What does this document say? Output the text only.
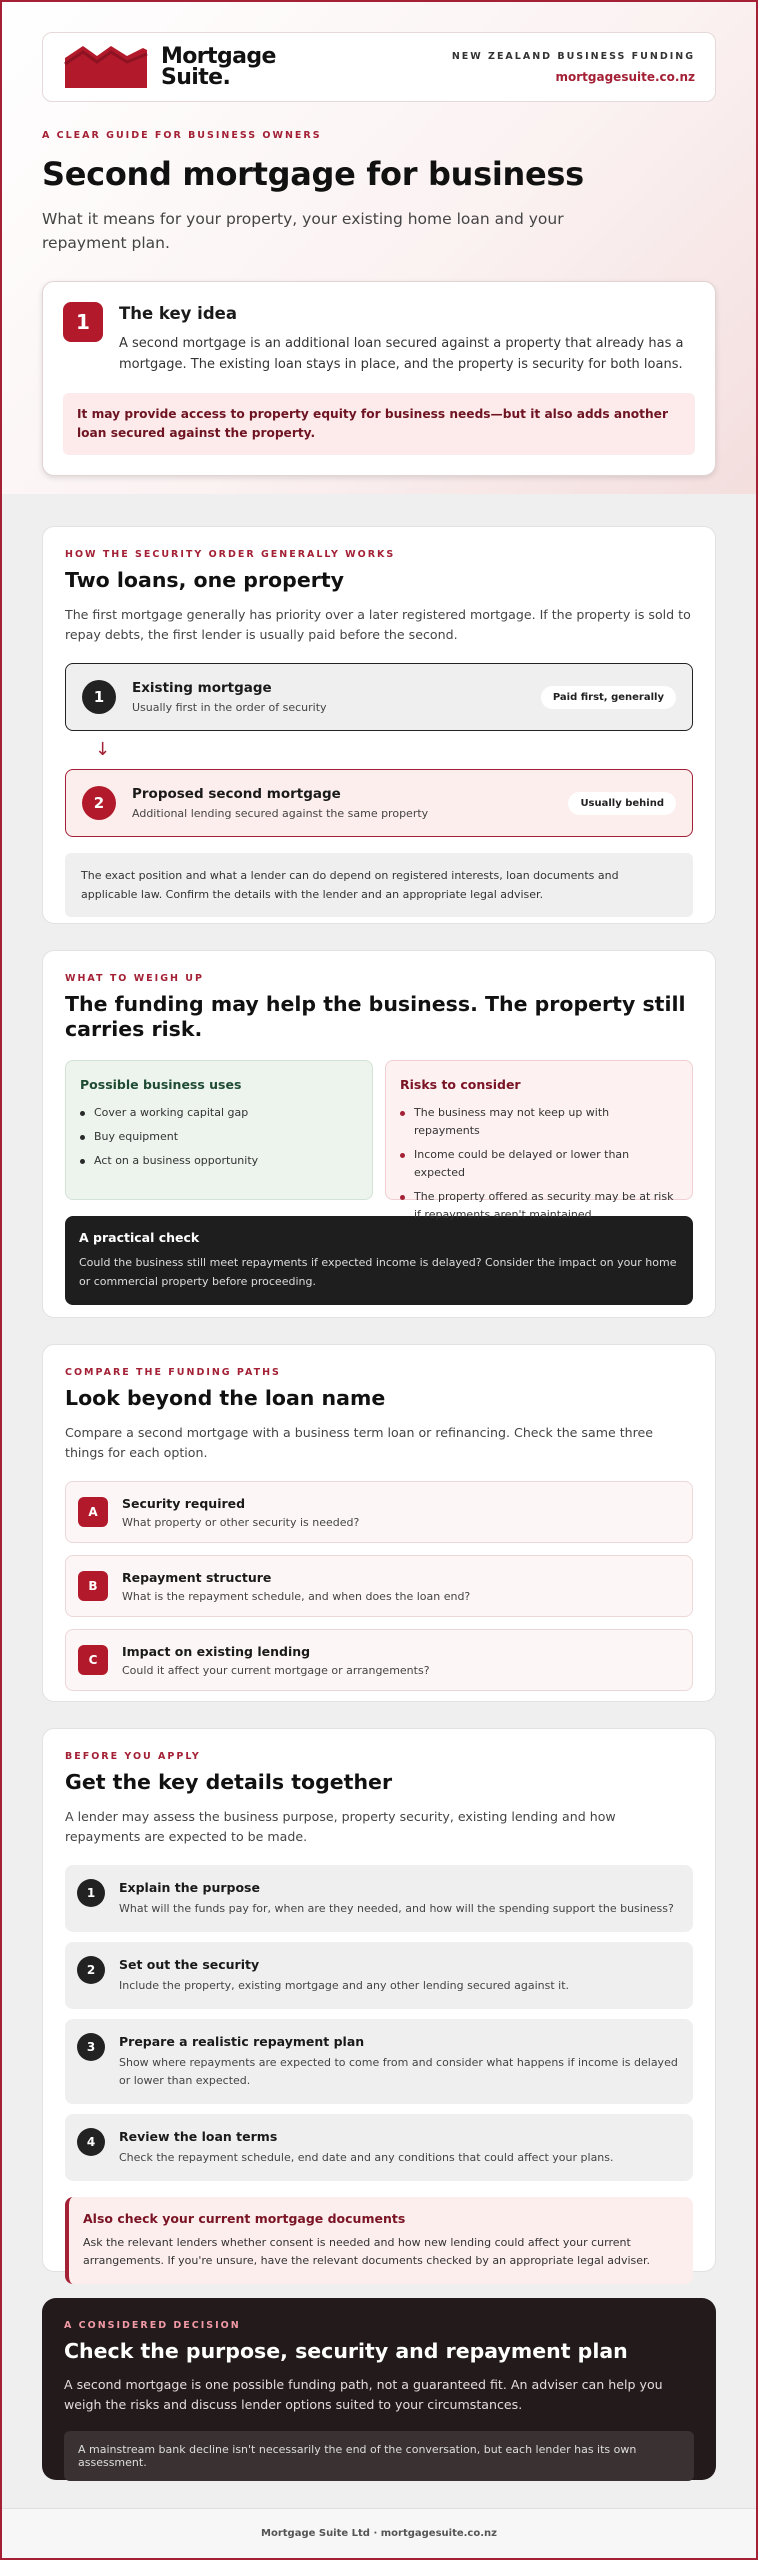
Mortgage
Suite.
NEW ZEALAND BUSINESS FUNDING
mortgagesuite.co.nz
A CLEAR GUIDE FOR BUSINESS OWNERS
Second mortgage for business

What it means for your property, your existing home loan and your repayment plan.

1	The key idea

A second mortgage is an additional loan secured against a property that already has a mortgage. The existing loan stays in place, and the property is security for both loans.

It may provide access to property equity for business needs—but it also adds another loan secured against the property.
HOW THE SECURITY ORDER GENERALLY WORKS
Two loans, one property

The first mortgage generally has priority over a later registered mortgage. If the property is sold to repay debts, the first lender is usually paid before the second.

1	Existing mortgage
Usually first in the order of security
Paid first, generally
↓
2	Proposed second mortgage
Additional lending secured against the same property
Usually behind
The exact position and what a lender can do depend on registered interests, loan documents and applicable law. Confirm the details with the lender and an appropriate legal adviser.
WHAT TO WEIGH UP
The funding may help the business. The property still carries risk.
Possible business uses
Cover a working capital gap
Buy equipment
Act on a business opportunity
Risks to consider
The business may not keep up with repayments
Income could be delayed or lower than expected
The property offered as security may be at risk if repayments aren't maintained
A practical check

Could the business still meet repayments if expected income is delayed? Consider the impact on your home or commercial property before proceeding.

COMPARE THE FUNDING PATHS
Look beyond the loan name

Compare a second mortgage with a business term loan or refinancing. Check the same three things for each option.

A
Security required
What property or other security is needed?
B
Repayment structure
What is the repayment schedule, and when does the loan end?
C
Impact on existing lending
Could it affect your current mortgage or arrangements?
BEFORE YOU APPLY
Get the key details together

A lender may assess the business purpose, property security, existing lending and how repayments are expected to be made.

1	Explain the purpose
What will the funds pay for, when are they needed, and how will the spending support the business?
2	Set out the security
Include the property, existing mortgage and any other lending secured against it.
3	Prepare a realistic repayment plan
Show where repayments are expected to come from and consider what happens if income is delayed or lower than expected.
4	Review the loan terms
Check the repayment schedule, end date and any conditions that could affect your plans.
Also check your current mortgage documents

Ask the relevant lenders whether consent is needed and how new lending could affect your current arrangements. If you're unsure, have the relevant documents checked by an appropriate legal adviser.

A CONSIDERED DECISION
Check the purpose, security and repayment plan

A second mortgage is one possible funding path, not a guaranteed fit. An adviser can help you weigh the risks and discuss lender options suited to your circumstances.

A mainstream bank decline isn't necessarily the end of the conversation, but each lender has its own assessment.
Mortgage Suite Ltd · mortgagesuite.co.nz
